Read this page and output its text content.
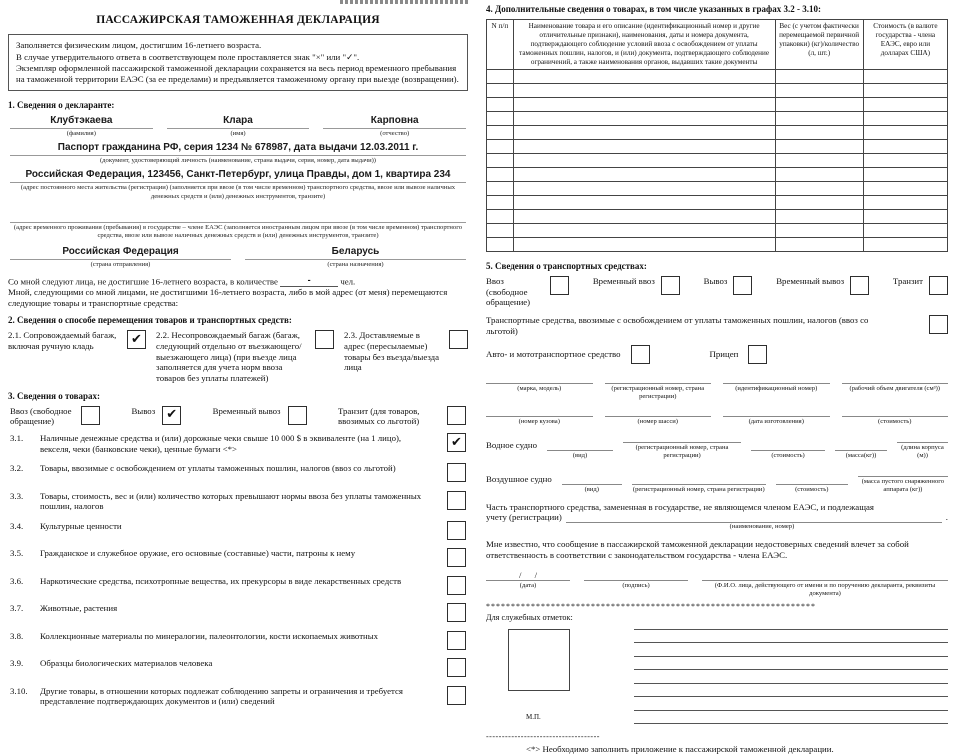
ПАССАЖИРСКАЯ ТАМОЖЕННАЯ ДЕКЛАРАЦИЯ
Заполняется физическим лицом, достигшим 16-летнего возраста.
В случае утвердительного ответа в соответствующем поле проставляется знак "×" или "✓".
Экземпляр оформленной пассажирской таможенной декларации сохраняется на весь период временного пребывания на таможенной территории ЕАЭС (за ее пределами) и предъявляется таможенному органу при выезде (возвращении).
1. Сведения о декларанте:
Клубтэкаева
(фамилия)
Клара
(имя)
Карповна
(отчество)
Паспорт гражданина РФ, серия 1234 № 678987, дата выдачи 12.03.2011 г.
(документ, удостоверяющий личность (наименование, страна выдачи, серия, номер, дата выдачи))
Российская Федерация, 123456, Санкт-Петербург, улица Правды, дом 1, квартира 234
(адрес постоянного места жительства (регистрации) (заполняется при ввозе (в том числе временном) транспортного средства, ввозе или вывозе наличных денежных средств и (или) денежных инструментов, транзите)
(адрес временного проживания (пребывания) в государстве – члене ЕАЭС (заполняется иностранным лицом при ввозе (в том числе временном) транспортного средства, ввозе или вывозе наличных денежных средств и (или) денежных инструментов, транзите)
Российская Федерация
(страна отправления)
Беларусь
(страна назначения)
Со мной следуют лица, не достигшие 16-летнего возраста, в количестве	-	чел.
Мной, следующими со мной лицами, не достигшими 16-летнего возраста, либо в мой адрес (от меня) перемещаются следующие товары и транспортные средства:
2. Сведения о способе перемещения товаров и транспортных средств:
2.1. Сопровождаемый багаж, включая ручную кладь	✔	2.2. Несопровождаемый багаж (багаж, следующий отдельно от въезжающего/выезжающего лица) (при въезде лица заполняется для учета норм ввоза товаров без уплаты платежей)
2.3. Доставляемые в адрес (пересылаемые) товары без въезда/выезда лица
3. Сведения о товарах:
Ввоз (свободное обращение)
Вывоз ✔	Временный вывоз	Транзит (для товаров, ввозимых со льготой)
3.1.	Наличные денежные средства и (или) дорожные чеки свыше 10 000 $ в эквиваленте (на 1 лицо), векселя, чеки (банковские чеки), ценные бумаги <*>	✔
3.2.	Товары, ввозимые с освобождением от уплаты таможенных пошлин, налогов (ввоз со льготой)
3.3.	Товары, стоимость, вес и (или) количество которых превышают нормы ввоза без уплаты таможенных пошлин, налогов
3.4.	Культурные ценности
3.5.	Гражданское и служебное оружие, его основные (составные) части, патроны к нему
3.6.	Наркотические средства, психотропные вещества, их прекурсоры в виде лекарственных средств
3.7.	Животные, растения
3.8.	Коллекционные материалы по минералогии, палеонтологии, кости ископаемых животных
3.9.	Образцы биологических материалов человека
3.10.	Другие товары, в отношении которых подлежат соблюдению запреты и ограничения и требуется представление подтверждающих документов и (или) сведений
4. Дополнительные сведения о товарах, в том числе указанных в графах 3.2 - 3.10:
N п/п	Наименование товара и его описание (идентификационный номер и другие отличительные признаки), наименования, даты и номера документа, подтверждающего соблюдение условий ввоза с освобождением от уплаты таможенных пошлин, налогов, и (или) документа, подтверждающего соблюдение ограничений, а также наименования органов, выдавших такие документы	Вес (с учетом фактически перемещаемой первичной упаковки) (кг)/количество (л, шт.)	Стоимость (в валюте государства - члена ЕАЭС, евро или долларах США)

5. Сведения о транспортных средствах:
Ввоз (свободное обращение)
Временный ввоз	Вывоз	Временный вывоз	Транзит
Транспортные средства, ввозимые с освобождением от уплаты таможенных пошлин, налогов (ввоз со льготой)
Авто- и мототранспортное средство	Прицеп
(марка, модель)	(регистрационный номер, страна регистрации)
(идентификационный номер)	(рабочий объем двигателя (см³))
(номер кузова)	(номер шасси)	(дата изготовления)	(стоимость)
Водное судно
(вид)
(регистрационный номер, страна регистрации)	(стоимость)	(масса(кг))
(длина корпуса (м))
Воздушное судно
(вид)	(регистрационный номер, страна регистрации)	(стоимость)
(масса пустого снаряженного аппарата (кг))
Часть транспортного средства, замененная в государстве, не являющемся членом ЕАЭС, и подлежащая
учету (регистрации)	.
(наименование, номер)
Мне известно, что сообщение в пассажирской таможенной декларации недостоверных сведений влечет за собой ответственность в соответствии с законодательством государства - члена ЕАЭС.
/      /
(дата)	(подпись)	(Ф.И.О. лица, действующего от имени и по поручению декларанта, реквизиты документа)
******************************************************************
Для служебных отметок:
М.П.
------------------------------------
<*> Необходимо заполнить приложение к пассажирской таможенной декларации.
